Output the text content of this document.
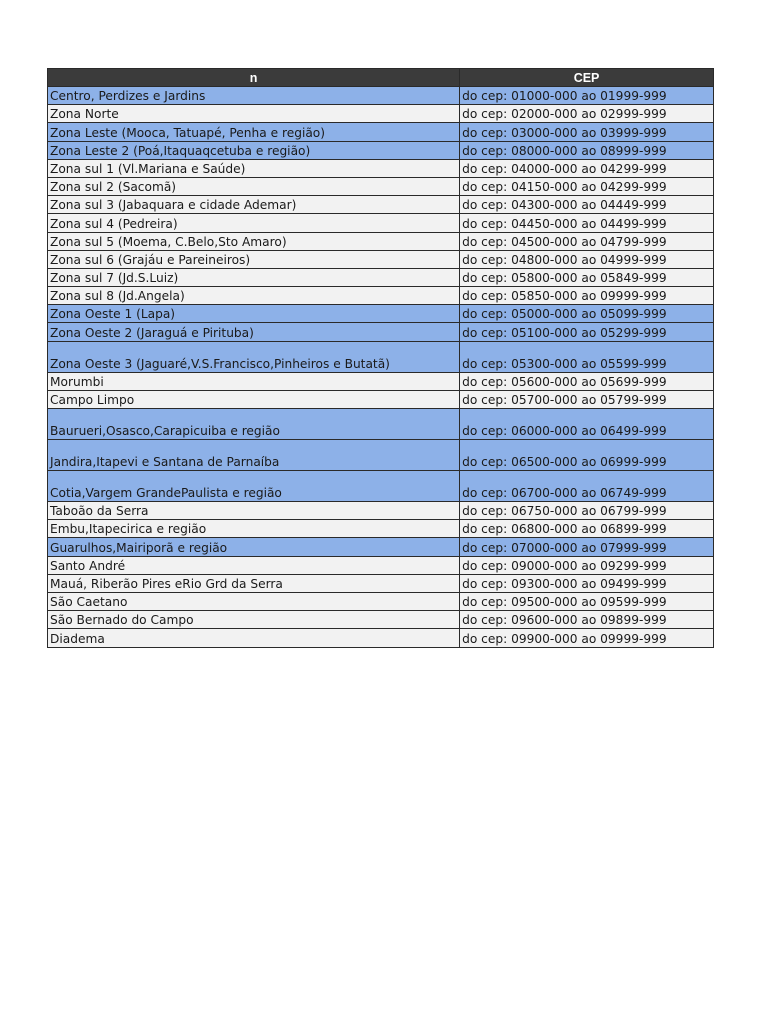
n	CEP
Centro, Perdizes e Jardins	do cep: 01000-000 ao 01999-999
Zona Norte	do cep: 02000-000 ao 02999-999
Zona Leste (Mooca, Tatuapé, Penha e região)	do cep: 03000-000 ao 03999-999
Zona Leste 2 (Poá,Itaquaqcetuba e região)	do cep: 08000-000 ao 08999-999
Zona sul 1 (Vl.Mariana e Saúde)	do cep: 04000-000 ao 04299-999
Zona sul 2 (Sacomã)	do cep: 04150-000 ao 04299-999
Zona sul 3 (Jabaquara e cidade Ademar)	do cep: 04300-000 ao 04449-999
Zona sul 4 (Pedreira)	do cep: 04450-000 ao 04499-999
Zona sul 5 (Moema, C.Belo,Sto Amaro)	do cep: 04500-000 ao 04799-999
Zona sul 6 (Grajáu e Pareineiros)	do cep: 04800-000 ao 04999-999
Zona sul 7 (Jd.S.Luiz)	do cep: 05800-000 ao 05849-999
Zona sul 8 (Jd.Angela)	do cep: 05850-000 ao 09999-999
Zona Oeste 1 (Lapa)	do cep: 05000-000 ao 05099-999
Zona Oeste 2 (Jaraguá e Pirituba)	do cep: 05100-000 ao 05299-999
Zona Oeste 3 (Jaguaré,V.S.Francisco,Pinheiros e Butatã)	do cep: 05300-000 ao 05599-999
Morumbi	do cep: 05600-000 ao 05699-999
Campo Limpo	do cep: 05700-000 ao 05799-999
Baurueri,Osasco,Carapicuiba e região	do cep: 06000-000 ao 06499-999
Jandira,Itapevi e Santana de Parnaíba	do cep: 06500-000 ao 06999-999
Cotia,Vargem GrandePaulista e região	do cep: 06700-000 ao 06749-999
Taboão da Serra	do cep: 06750-000 ao 06799-999
Embu,Itapecirica e região	do cep: 06800-000 ao 06899-999
Guarulhos,Mairiporã e região	do cep: 07000-000 ao 07999-999
Santo André	do cep: 09000-000 ao 09299-999
Mauá, Riberão Pires eRio Grd da Serra	do cep: 09300-000 ao 09499-999
São Caetano	do cep: 09500-000 ao 09599-999
São Bernado do Campo	do cep: 09600-000 ao 09899-999
Diadema	do cep: 09900-000 ao 09999-999
